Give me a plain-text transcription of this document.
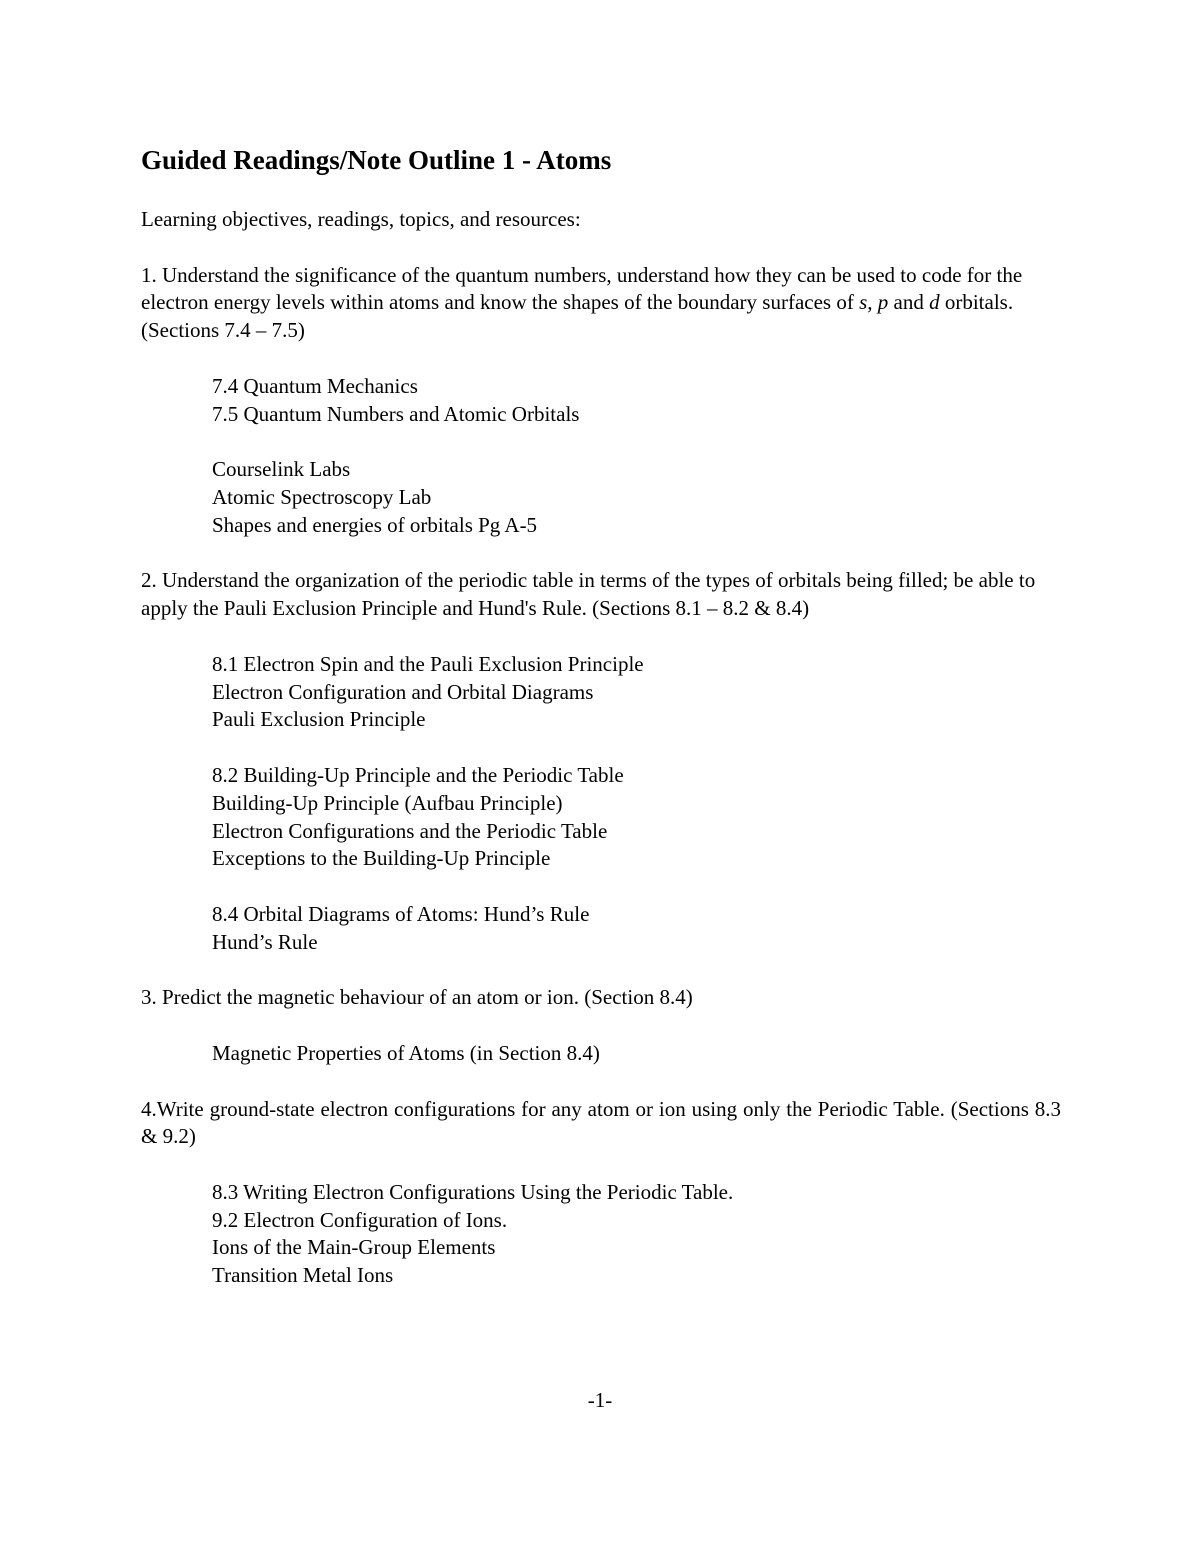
Guided Readings/Note Outline 1 - Atoms

Learning objectives, readings, topics, and resources:

1. Understand the significance of the quantum numbers, understand how they can be used to code for the electron energy levels within atoms and know the shapes of the boundary surfaces of s, p and d orbitals. (Sections 7.4 – 7.5)

7.4 Quantum Mechanics
7.5 Quantum Numbers and Atomic Orbitals
Courselink Labs
Atomic Spectroscopy Lab
Shapes and energies of orbitals Pg A-5

2. Understand the organization of the periodic table in terms of the types of orbitals being filled; be able to apply the Pauli Exclusion Principle and Hund's Rule. (Sections 8.1 – 8.2 & 8.4)

8.1 Electron Spin and the Pauli Exclusion Principle
Electron Configuration and Orbital Diagrams
Pauli Exclusion Principle
8.2 Building-Up Principle and the Periodic Table
Building-Up Principle (Aufbau Principle)
Electron Configurations and the Periodic Table
Exceptions to the Building-Up Principle
8.4 Orbital Diagrams of Atoms: Hund’s Rule
Hund’s Rule

3. Predict the magnetic behaviour of an atom or ion. (Section 8.4)

Magnetic Properties of Atoms (in Section 8.4)

4.Write ground-state electron configurations for any atom or ion using only the Periodic Table. (Sections 8.3 & 9.2)

8.3 Writing Electron Configurations Using the Periodic Table.
9.2 Electron Configuration of Ions.
Ions of the Main-Group Elements
Transition Metal Ions
-1-
